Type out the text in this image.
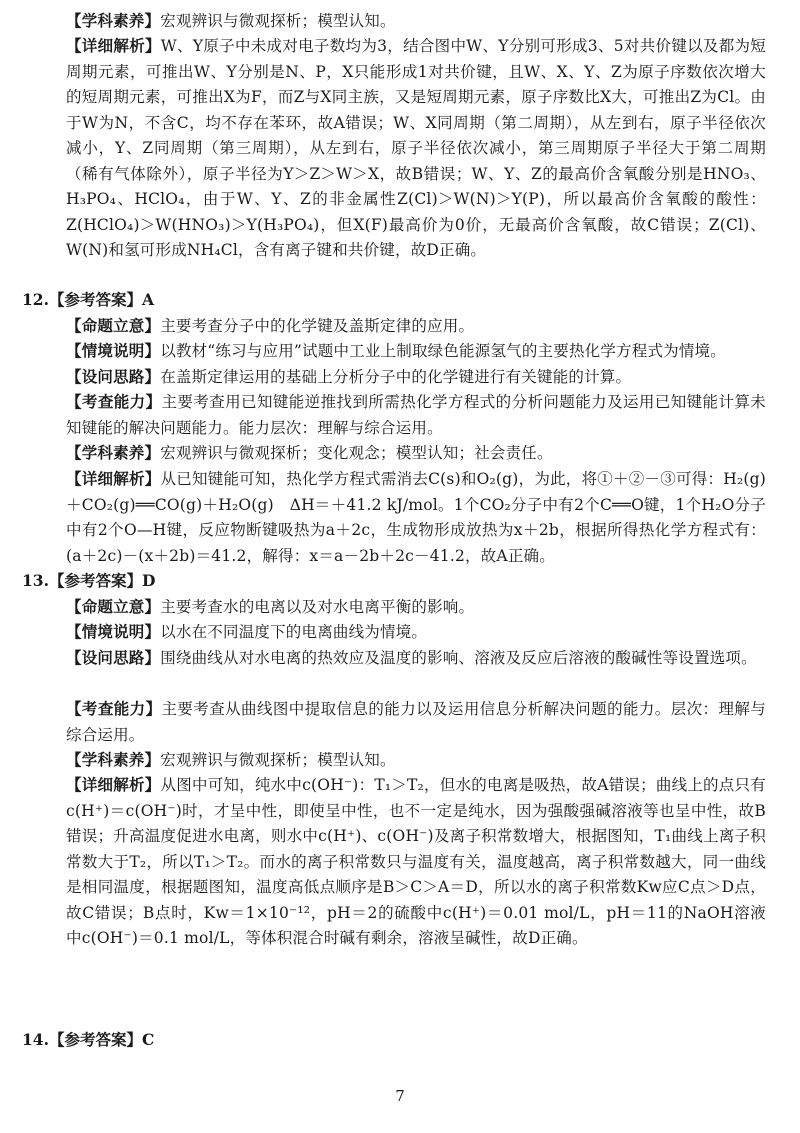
【学科素养】宏观辨识与微观探析；模型认知。

【详细解析】W、Y原子中未成对电子数均为3，结合图中W、Y分别可形成3、5对共价键以及都为短周期元素，可推出W、Y分别是N、P，X只能形成1对共价键，且W、X、Y、Z为原子序数依次增大的短周期元素，可推出X为F，而Z与X同主族，又是短周期元素，原子序数比X大，可推出Z为Cl。由于W为N，不含C，均不存在苯环，故A错误；W、X同周期（第二周期），从左到右，原子半径依次减小，Y、Z同周期（第三周期），从左到右，原子半径依次减小，第三周期原子半径大于第二周期（稀有气体除外），原子半径为Y＞Z＞W＞X，故B错误；W、Y、Z的最高价含氧酸分别是HNO₃、H₃PO₄、HClO₄，由于W、Y、Z的非金属性Z(Cl)＞W(N)＞Y(P)，所以最高价含氧酸的酸性：Z(HClO₄)＞W(HNO₃)＞Y(H₃PO₄)，但X(F)最高价为0价，无最高价含氧酸，故C错误；Z(Cl)、W(N)和氢可形成NH₄Cl，含有离子键和共价键，故D正确。

12.【参考答案】A

【命题立意】主要考查分子中的化学键及盖斯定律的应用。

【情境说明】以教材“练习与应用”试题中工业上制取绿色能源氢气的主要热化学方程式为情境。

【设问思路】在盖斯定律运用的基础上分析分子中的化学键进行有关键能的计算。

【考查能力】主要考查用已知键能逆推找到所需热化学方程式的分析问题能力及运用已知键能计算未知键能的解决问题能力。能力层次：理解与综合运用。

【学科素养】宏观辨识与微观探析；变化观念；模型认知；社会责任。

【详细解析】从已知键能可知，热化学方程式需消去C(s)和O₂(g)，为此，将①＋②－③可得：H₂(g)＋CO₂(g)══CO(g)＋H₂O(g)　ΔH＝＋41.2 kJ/mol。1个CO₂分子中有2个C══O键，1个H₂O分子中有2个O—H键，反应物断键吸热为a＋2c，生成物形成放热为x＋2b，根据所得热化学方程式有：(a＋2c)－(x＋2b)＝41.2，解得：x＝a－2b＋2c－41.2，故A正确。

13.【参考答案】D

【命题立意】主要考查水的电离以及对水电离平衡的影响。

【情境说明】以水在不同温度下的电离曲线为情境。

【设问思路】围绕曲线从对水电离的热效应及温度的影响、溶液及反应后溶液的酸碱性等设置选项。

【考查能力】主要考查从曲线图中提取信息的能力以及运用信息分析解决问题的能力。层次：理解与综合运用。

【学科素养】宏观辨识与微观探析；模型认知。

【详细解析】从图中可知，纯水中c(OH⁻)：T₁＞T₂，但水的电离是吸热，故A错误；曲线上的点只有c(H⁺)＝c(OH⁻)时，才呈中性，即使呈中性，也不一定是纯水，因为强酸强碱溶液等也呈中性，故B错误；升高温度促进水电离，则水中c(H⁺)、c(OH⁻)及离子积常数增大，根据图知，T₁曲线上离子积常数大于T₂，所以T₁＞T₂。而水的离子积常数只与温度有关，温度越高，离子积常数越大，同一曲线是相同温度，根据题图知，温度高低点顺序是B＞C＞A＝D，所以水的离子积常数Kw应C点＞D点，故C错误；B点时，Kw＝1×10⁻¹²，pH＝2的硫酸中c(H⁺)＝0.01 mol/L，pH＝11的NaOH溶液中c(OH⁻)＝0.1 mol/L，等体积混合时碱有剩余，溶液呈碱性，故D正确。

14.【参考答案】C

7
